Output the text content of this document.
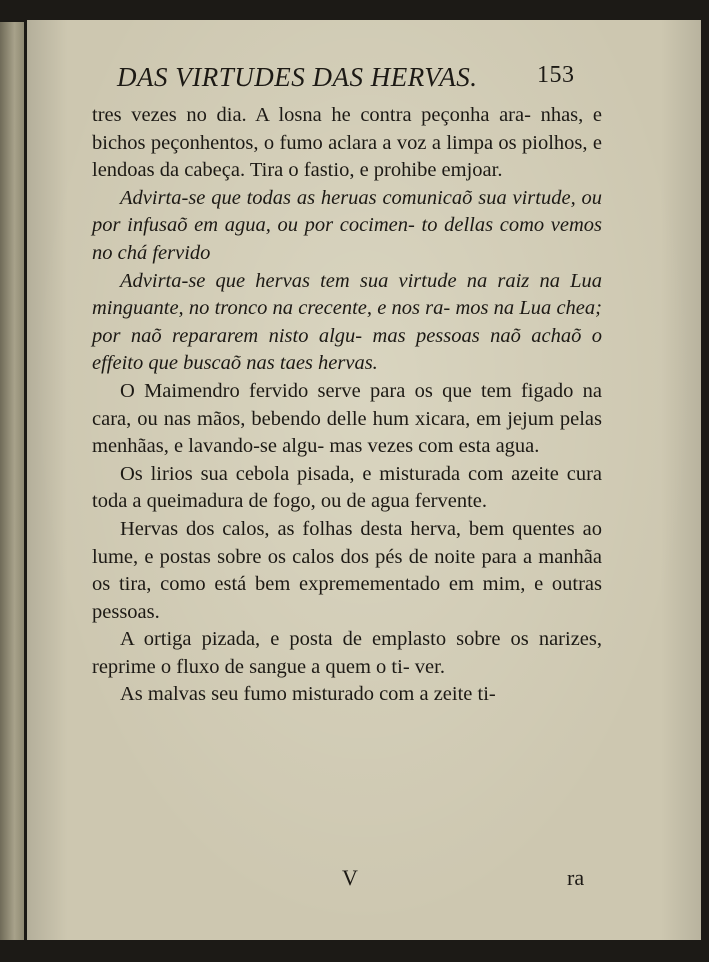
DAS VIRTUDES DAS HERVAS. 153

tres vezes no dia. A losna he contra peçonha ara- nhas, e bichos peçonhentos, o fumo aclara a voz a limpa os piolhos, e lendoas da cabeça. Tira o fastio, e prohibe emjoar.

Advirta-se que todas as heruas comunicaõ sua virtude, ou por infusaõ em agua, ou por cocimen- to dellas como vemos no chá fervido

Advirta-se que hervas tem sua virtude na raiz na Lua minguante, no tronco na crecente, e nos ra- mos na Lua chea; por naõ repararem nisto algu- mas pessoas naõ achaõ o effeito que buscaõ nas taes hervas.

O Maimendro fervido serve para os que tem figado na cara, ou nas mãos, bebendo delle hum xicara, em jejum pelas menhãas, e lavando-se algu- mas vezes com esta agua.

Os lirios sua cebola pisada, e misturada com azeite cura toda a queimadura de fogo, ou de agua fervente.

Hervas dos calos, as folhas desta herva, bem quentes ao lume, e postas sobre os calos dos pés de noite para a manhãa os tira, como está bem expremementado em mim, e outras pessoas.

A ortiga pizada, e posta de emplasto sobre os narizes, reprime o fluxo de sangue a quem o ti- ver.

As malvas seu fumo misturado com a zeite ti-

V	ra
